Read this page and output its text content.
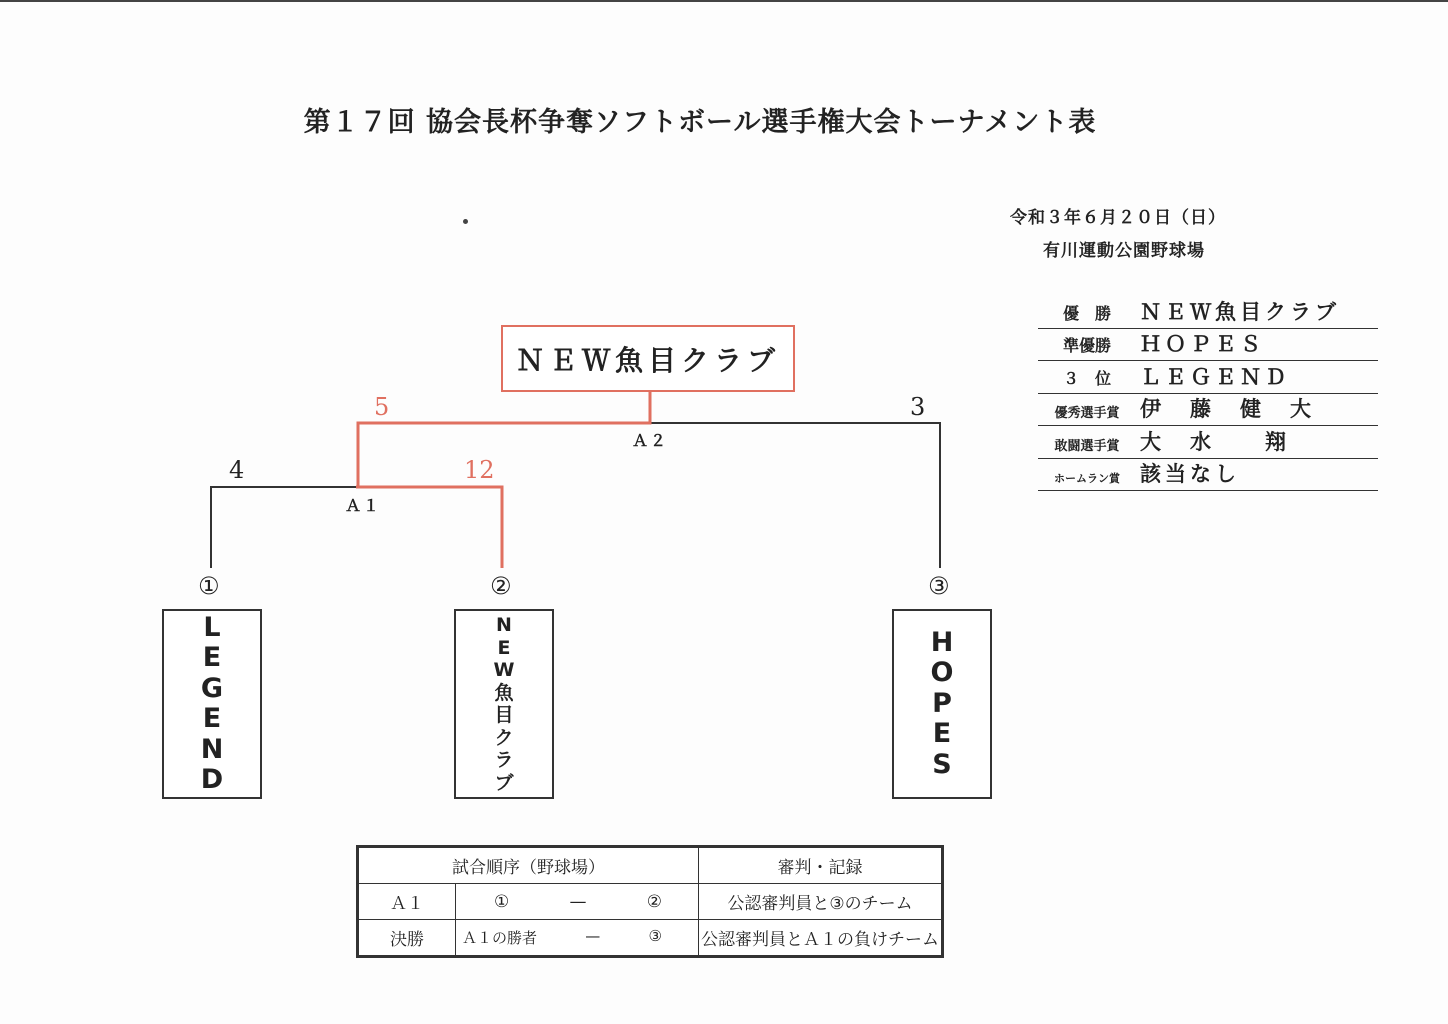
第１７回 協会長杯争奪ソフトボール選手権大会トーナメント表
令和３年６月２０日（日）
有川運動公園野球場
優　勝	ＮＥＷ魚目クラブ
準優勝	ＨＯＰＥＳ
３　位	ＬＥＧＥＮＤ
優秀選手賞 伊　藤　健　大
敢闘選手賞 大　水　　翔
ホームラン賞 該当なし
ＮＥＷ魚目クラブ
5	3
Ａ２
4	12
Ａ１
①	②	③
L
E
G
E
N
D
N
E
W
魚
目
ク
ラ
ブ
H
O
P
E
S
試合順序（野球場）		審判・記録
Ａ１	① — ②	公認審判員と③のチーム
決勝	Ａ１の勝者 — ③	公認審判員とＡ１の負けチーム
